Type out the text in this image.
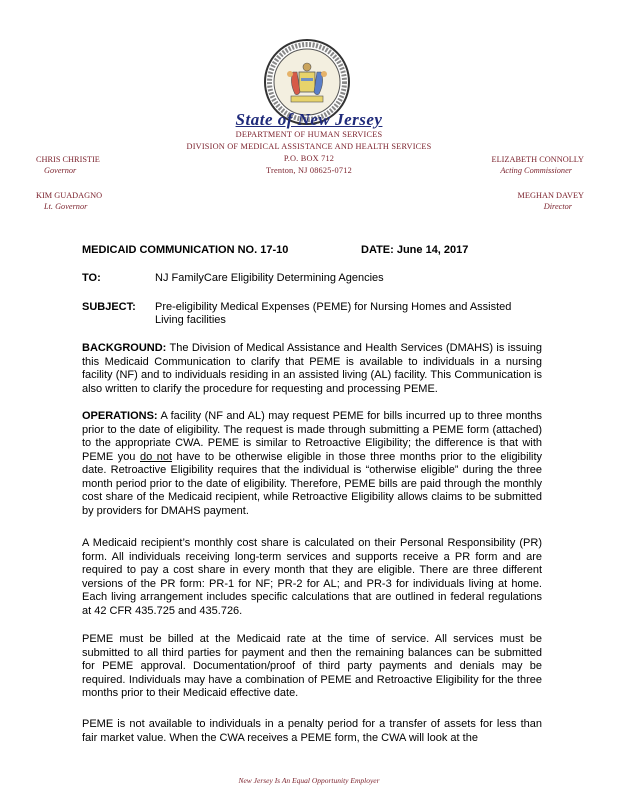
State of New Jersey
DEPARTMENT OF HUMAN SERVICES
DIVISION OF MEDICAL ASSISTANCE AND HEALTH SERVICES
P.O. BOX 712
Trenton, NJ 08625-0712
CHRIS CHRISTIE
Governor
KIM GUADAGNO
Lt. Governor
ELIZABETH CONNOLLY
Acting Commissioner
MEGHAN DAVEY
Director
MEDICAID COMMUNICATION NO. 17-10	DATE: June 14, 2017
TO:	NJ FamilyCare Eligibility Determining Agencies
SUBJECT: Pre-eligibility Medical Expenses (PEME) for Nursing Homes and Assisted
Living facilities
BACKGROUND: The Division of Medical Assistance and Health Services (DMAHS) is issuing this Medicaid Communication to clarify that PEME is available to individuals in a nursing facility (NF) and to individuals residing in an assisted living (AL) facility. This Communication is also written to clarify the procedure for requesting and processing PEME.
OPERATIONS: A facility (NF and AL) may request PEME for bills incurred up to three months prior to the date of eligibility. The request is made through submitting a PEME form (attached) to the appropriate CWA. PEME is similar to Retroactive Eligibility; the difference is that with PEME you do not have to be otherwise eligible in those three months prior to the eligibility date. Retroactive Eligibility requires that the individual is “otherwise eligible” during the three month period prior to the date of eligibility. Therefore, PEME bills are paid through the monthly cost share of the Medicaid recipient, while Retroactive Eligibility allows claims to be submitted by providers for DMAHS payment.
A Medicaid recipient’s monthly cost share is calculated on their Personal Responsibility (PR) form. All individuals receiving long-term services and supports receive a PR form and are required to pay a cost share in every month that they are eligible. There are three different versions of the PR form: PR-1 for NF; PR-2 for AL; and PR-3 for individuals living at home. Each living arrangement includes specific calculations that are outlined in federal regulations at 42 CFR 435.725 and 435.726.
PEME must be billed at the Medicaid rate at the time of service. All services must be submitted to all third parties for payment and then the remaining balances can be submitted for PEME approval. Documentation/proof of third party payments and denials may be required. Individuals may have a combination of PEME and Retroactive Eligibility for the three months prior to their Medicaid effective date.
PEME is not available to individuals in a penalty period for a transfer of assets for less than fair market value. When the CWA receives a PEME form, the CWA will look at the
New Jersey Is An Equal Opportunity Employer
